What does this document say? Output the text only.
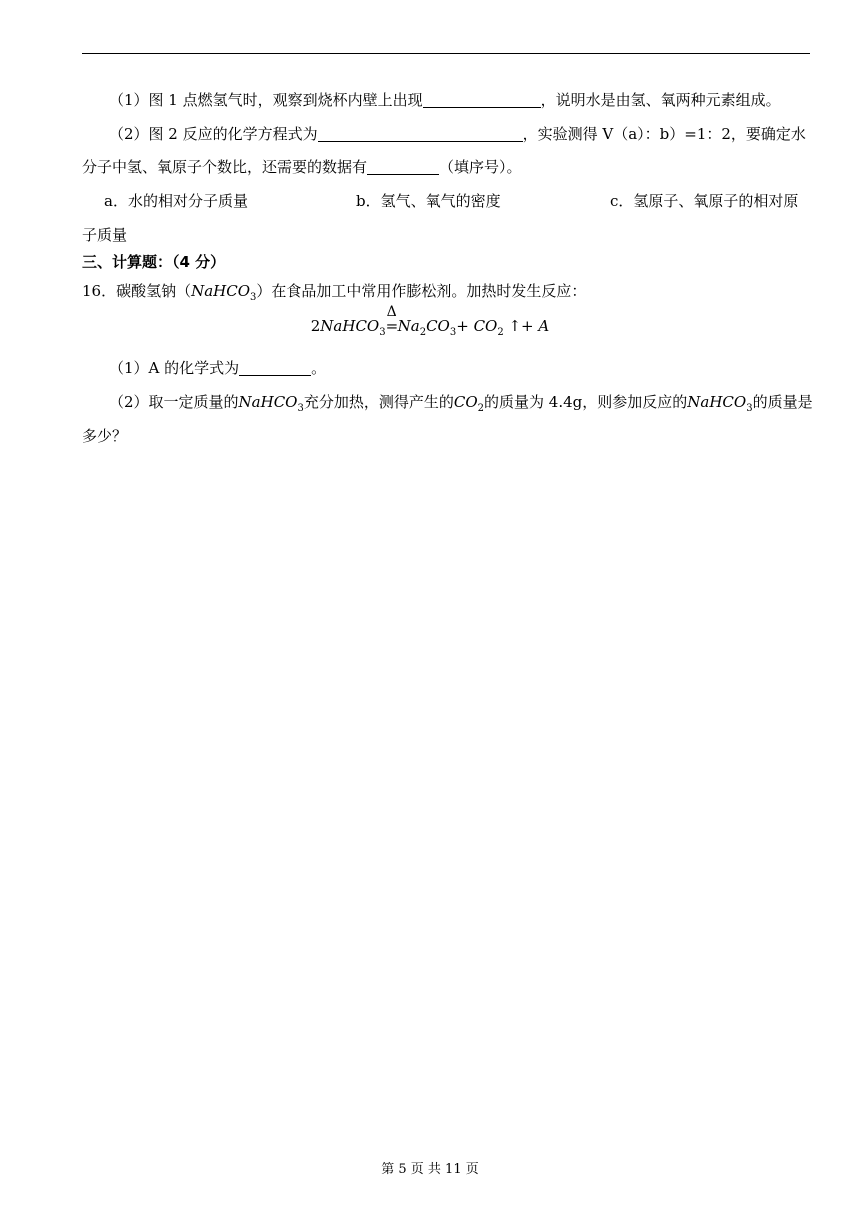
（1）图 1 点燃氢气时，观察到烧杯内壁上出现	，说明水是由氢、氧两种元素组成。
（2）图 2 反应的化学方程式为	，实验测得 V（a）：b）=1：2，要确定水
分子中氢、氧原子个数比，还需要的数据有	（填序号）。
a．水的相对分子质量	b．氢气、氧气的密度	c．氢原子、氧原子的相对原
子质量
三、计算题：（4 分）
16．碳酸氢钠（NaHCO$_3$）在食品加工中常用作膨松剂。加热时发生反应：
2NaHCO$_3$
Δ
$=Na_2CO_3+ CO_2$ ↑+ A
（1）A 的化学式为	。
（2）取一定质量的NaHCO$_3$充分加热，测得产生的$CO_2$的质量为 4.4g，则参加反应的NaHCO$_3$的质量是
多少？
第 5 页 共 11 页
